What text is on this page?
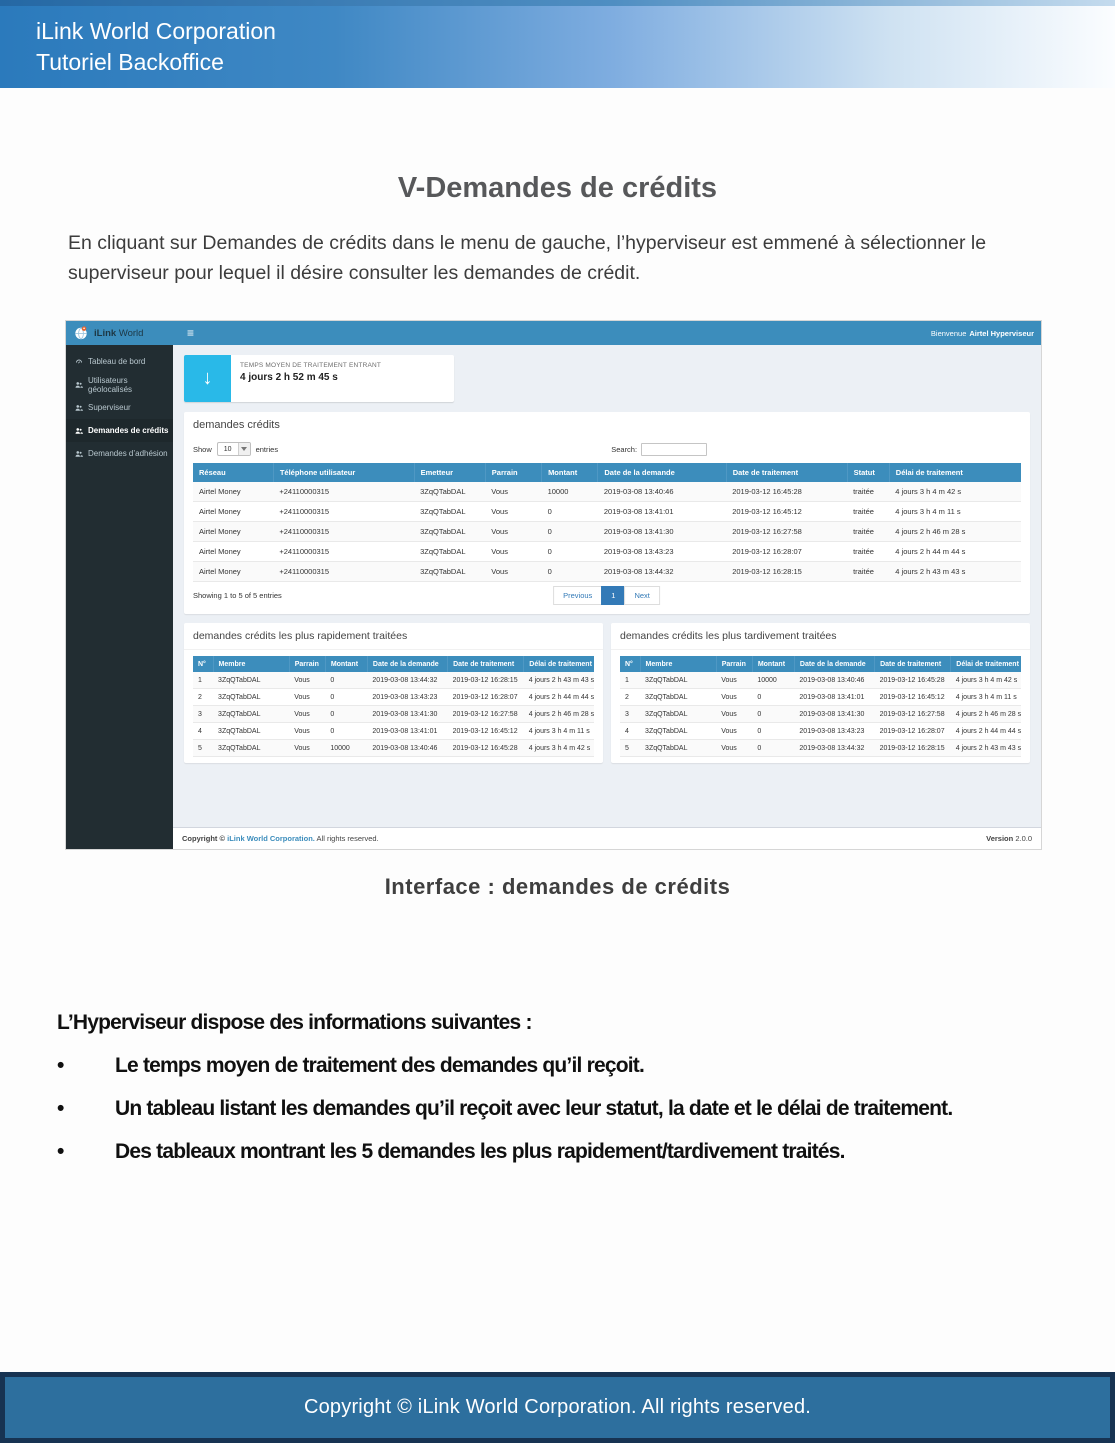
iLink World Corporation
Tutoriel Backoffice
V-Demandes de crédits

En cliquant sur Demandes de crédits dans le menu de gauche, l’hyperviseur est emmené à sélectionner le superviseur pour lequel il désire consulter les demandes de crédit.

iLink World	≡	Bienvenue Airtel Hyperviseur
Tableau de bord
Utilisateurs géolocalisés
Superviseur
Demandes de crédits
Demandes d’adhésion
↓
TEMPS MOYEN DE TRAITEMENT ENTRANT
4 jours 2 h 52 m 45 s
demandes crédits
Show	10	entries	Search:
Réseau	Téléphone utilisateur	Emetteur	Parrain	Montant	Date de la demande	Date de traitement	Statut	Délai de traitement
Airtel Money	+24110000315	3ZqQTabDAL	Vous	10000	2019-03-08 13:40:46	2019-03-12 16:45:28	traitée	4 jours 3 h 4 m 42 s
Airtel Money	+24110000315	3ZqQTabDAL	Vous	0	2019-03-08 13:41:01	2019-03-12 16:45:12	traitée	4 jours 3 h 4 m 11 s
Airtel Money	+24110000315	3ZqQTabDAL	Vous	0	2019-03-08 13:41:30	2019-03-12 16:27:58	traitée	4 jours 2 h 46 m 28 s
Airtel Money	+24110000315	3ZqQTabDAL	Vous	0	2019-03-08 13:43:23	2019-03-12 16:28:07	traitée	4 jours 2 h 44 m 44 s
Airtel Money	+24110000315	3ZqQTabDAL	Vous	0	2019-03-08 13:44:32	2019-03-12 16:28:15	traitée	4 jours 2 h 43 m 43 s
Showing 1 to 5 of 5 entries	Previous	1	Next
demandes crédits les plus rapidement traitées
N°	Membre	Parrain	Montant	Date de la demande	Date de traitement	Délai de traitement
1	3ZqQTabDAL	Vous	0	2019-03-08 13:44:32	2019-03-12 16:28:15	4 jours 2 h 43 m 43 s
2	3ZqQTabDAL	Vous	0	2019-03-08 13:43:23	2019-03-12 16:28:07	4 jours 2 h 44 m 44 s
3	3ZqQTabDAL	Vous	0	2019-03-08 13:41:30	2019-03-12 16:27:58	4 jours 2 h 46 m 28 s
4	3ZqQTabDAL	Vous	0	2019-03-08 13:41:01	2019-03-12 16:45:12	4 jours 3 h 4 m 11 s
5	3ZqQTabDAL	Vous	10000	2019-03-08 13:40:46	2019-03-12 16:45:28	4 jours 3 h 4 m 42 s
demandes crédits les plus tardivement traitées
N°	Membre	Parrain	Montant	Date de la demande	Date de traitement	Délai de traitement
1	3ZqQTabDAL	Vous	10000	2019-03-08 13:40:46	2019-03-12 16:45:28	4 jours 3 h 4 m 42 s
2	3ZqQTabDAL	Vous	0	2019-03-08 13:41:01	2019-03-12 16:45:12	4 jours 3 h 4 m 11 s
3	3ZqQTabDAL	Vous	0	2019-03-08 13:41:30	2019-03-12 16:27:58	4 jours 2 h 46 m 28 s
4	3ZqQTabDAL	Vous	0	2019-03-08 13:43:23	2019-03-12 16:28:07	4 jours 2 h 44 m 44 s
5	3ZqQTabDAL	Vous	0	2019-03-08 13:44:32	2019-03-12 16:28:15	4 jours 2 h 43 m 43 s
Copyright © iLink World Corporation. All rights reserved.	Version 2.0.0
Interface : demandes de crédits
L’Hyperviseur dispose des informations suivantes :
• Le temps moyen de traitement des demandes qu’il reçoit.
• Un tableau listant les demandes qu’il reçoit avec leur statut, la date et le délai de traitement.
• Des tableaux montrant les 5 demandes les plus rapidement/tardivement traités.
Copyright © iLink World Corporation. All rights reserved.
